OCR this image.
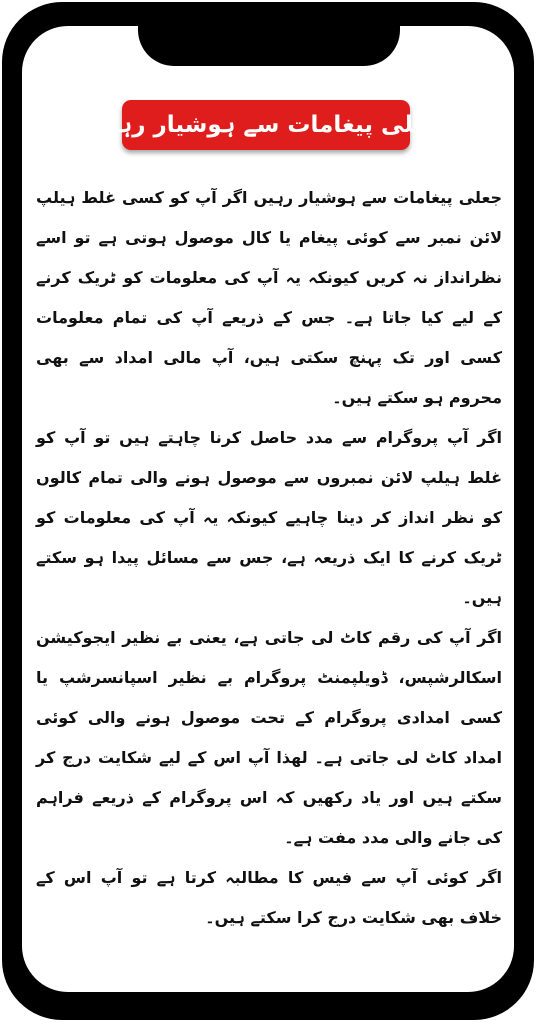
جعلی پیغامات سے ہوشیار رہیں

جعلی پیغامات سے ہوشیار رہیں اگر آپ کو کسی غلط ہیلپ لائن نمبر سے کوئی پیغام یا کال موصول ہوتی ہے تو اسے نظرانداز نہ کریں کیونکہ یہ آپ کی معلومات کو ٹریک کرنے کے لیے کیا جاتا ہے۔ جس کے ذریعے آپ کی تمام معلومات کسی اور تک پہنچ سکتی ہیں، آپ مالی امداد سے بھی محروم ہو سکتے ہیں۔

اگر آپ پروگرام سے مدد حاصل کرنا چاہتے ہیں تو آپ کو غلط ہیلپ لائن نمبروں سے موصول ہونے والی تمام کالوں کو نظر انداز کر دینا چاہیے کیونکہ یہ آپ کی معلومات کو ٹریک کرنے کا ایک ذریعہ ہے، جس سے مسائل پیدا ہو سکتے ہیں۔

اگر آپ کی رقم کاٹ لی جاتی ہے، یعنی بے نظیر ایجوکیشن اسکالرشپس، ڈویلپمنٹ پروگرام بے نظیر اسپانسرشپ یا کسی امدادی پروگرام کے تحت موصول ہونے والی کوئی امداد کاٹ لی جاتی ہے۔ لھذا آپ اس کے لیے شکایت درج کر سکتے ہیں اور یاد رکھیں کہ اس پروگرام کے ذریعے فراہم کی جانے والی مدد مفت ہے۔

اگر کوئی آپ سے فیس کا مطالبہ کرتا ہے تو آپ اس کے خلاف بھی شکایت درج کرا سکتے ہیں۔
